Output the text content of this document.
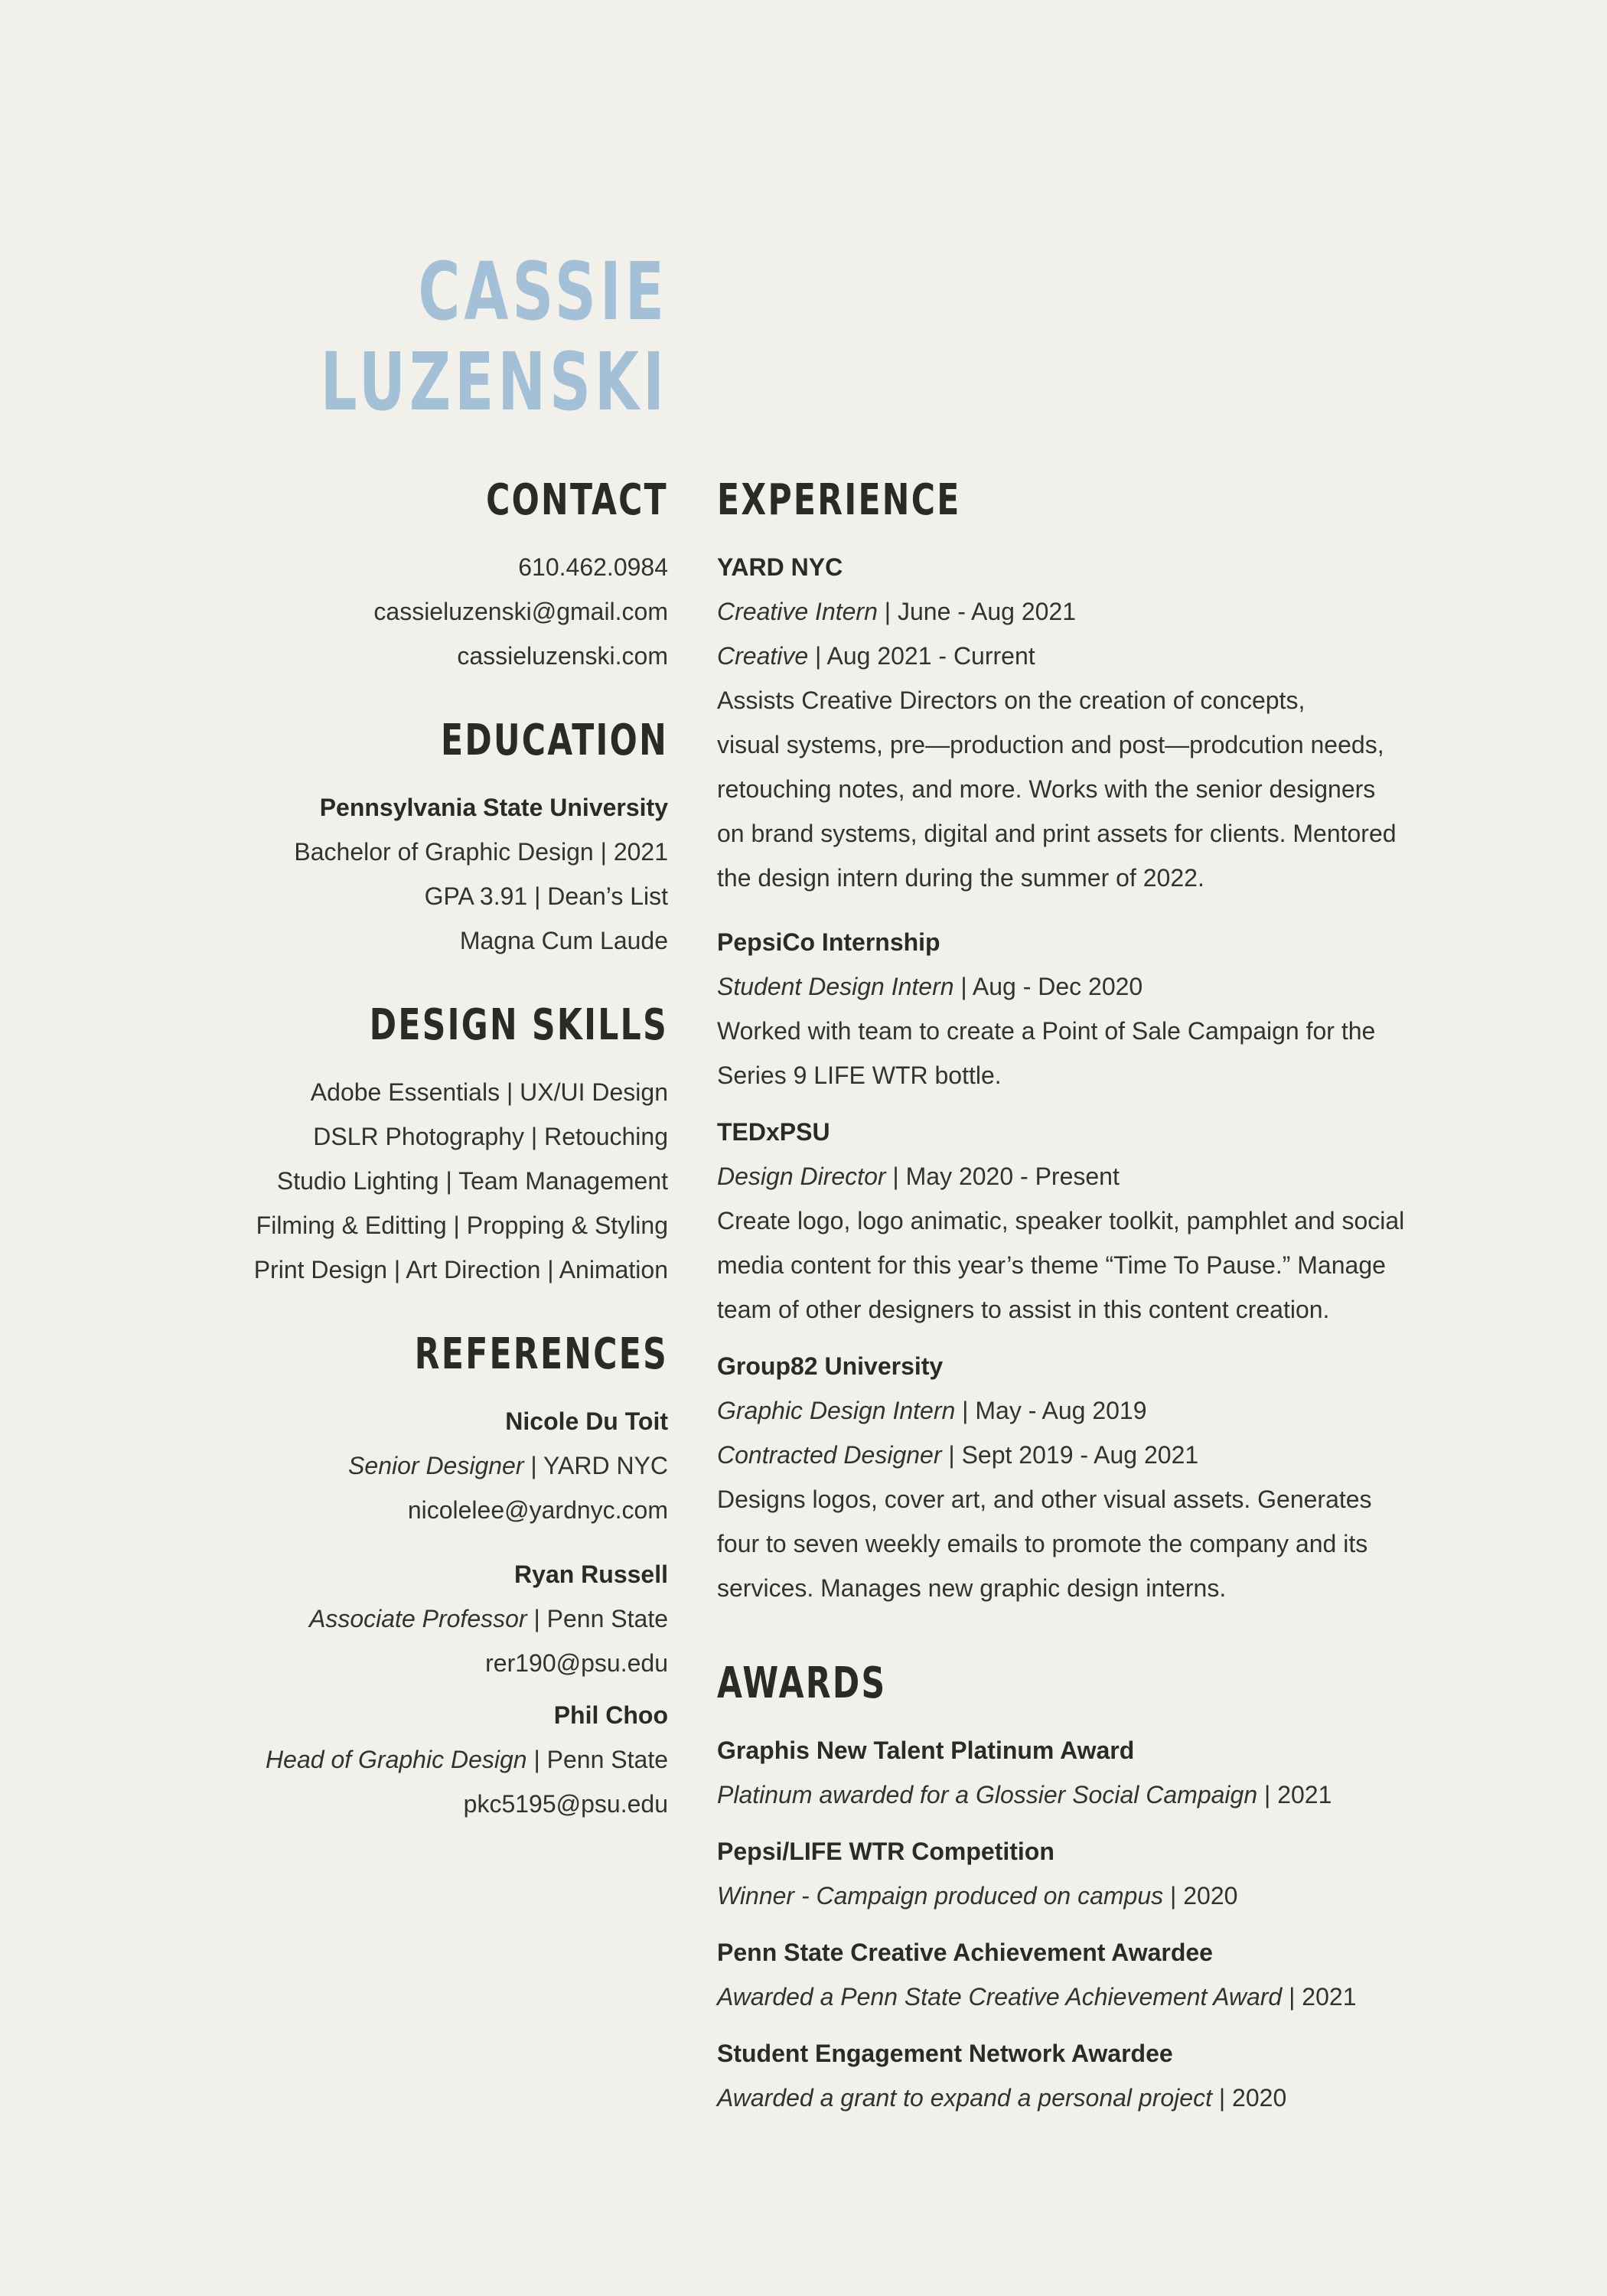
CASSIE
LUZENSKI
CONTACT
610.462.0984
cassieluzenski@gmail.com
cassieluzenski.com
EDUCATION
Pennsylvania State University
Bachelor of Graphic Design | 2021
GPA 3.91 | Dean’s List
Magna Cum Laude
DESIGN SKILLS
Adobe Essentials | UX/UI Design
DSLR Photography | Retouching
Studio Lighting | Team Management
Filming & Editting | Propping & Styling
Print Design | Art Direction | Animation
REFERENCES
Nicole Du Toit
Senior Designer | YARD NYC
nicolelee@yardnyc.com
Ryan Russell
Associate Professor | Penn State
rer190@psu.edu
Phil Choo
Head of Graphic Design | Penn State
pkc5195@psu.edu
EXPERIENCE
YARD NYC
Creative Intern | June - Aug 2021
Creative | Aug 2021 - Current
Assists Creative Directors on the creation of concepts,
visual systems, pre—production and post—prodcution needs,
retouching notes, and more. Works with the senior designers
on brand systems, digital and print assets for clients. Mentored
the design intern during the summer of 2022.
PepsiCo Internship
Student Design Intern | Aug - Dec 2020
Worked with team to create a Point of Sale Campaign for the
Series 9 LIFE WTR bottle.
TEDxPSU
Design Director | May 2020 - Present
Create logo, logo animatic, speaker toolkit, pamphlet and social
media content for this year’s theme “Time To Pause.” Manage
team of other designers to assist in this content creation.
Group82 University
Graphic Design Intern | May - Aug 2019
Contracted Designer | Sept 2019 - Aug 2021
Designs logos, cover art, and other visual assets. Generates
four to seven weekly emails to promote the company and its
services. Manages new graphic design interns.
AWARDS
Graphis New Talent Platinum Award
Platinum awarded for a Glossier Social Campaign | 2021
Pepsi/LIFE WTR Competition
Winner - Campaign produced on campus | 2020
Penn State Creative Achievement Awardee
Awarded a Penn State Creative Achievement Award | 2021
Student Engagement Network Awardee
Awarded a grant to expand a personal project | 2020
